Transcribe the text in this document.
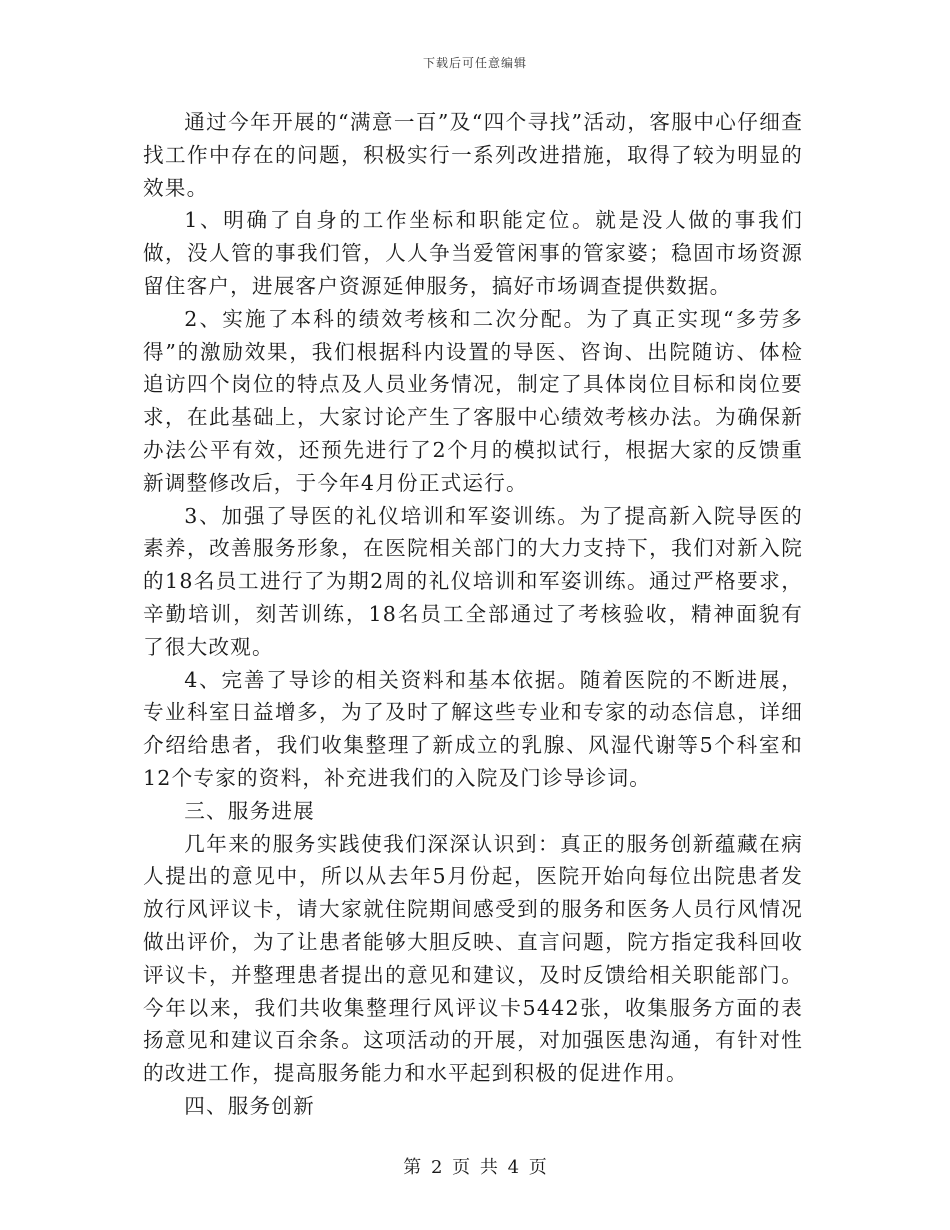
下载后可任意编辑

通过今年开展的“满意一百”及“四个寻找”活动，客服中心仔细查找工作中存在的问题，积极实行一系列改进措施，取得了较为明显的效果。

1、明确了自身的工作坐标和职能定位。就是没人做的事我们做，没人管的事我们管，人人争当爱管闲事的管家婆；稳固市场资源留住客户，进展客户资源延伸服务，搞好市场调查提供数据。

2、实施了本科的绩效考核和二次分配。为了真正实现“多劳多得”的激励效果，我们根据科内设置的导医、咨询、出院随访、体检追访四个岗位的特点及人员业务情况，制定了具体岗位目标和岗位要求，在此基础上，大家讨论产生了客服中心绩效考核办法。为确保新办法公平有效，还预先进行了2个月的模拟试行，根据大家的反馈重新调整修改后，于今年4月份正式运行。

3、加强了导医的礼仪培训和军姿训练。为了提高新入院导医的素养，改善服务形象，在医院相关部门的大力支持下，我们对新入院的18名员工进行了为期2周的礼仪培训和军姿训练。通过严格要求，辛勤培训，刻苦训练，18名员工全部通过了考核验收，精神面貌有了很大改观。

4、完善了导诊的相关资料和基本依据。随着医院的不断进展，专业科室日益增多，为了及时了解这些专业和专家的动态信息，详细介绍给患者，我们收集整理了新成立的乳腺、风湿代谢等5个科室和12个专家的资料，补充进我们的入院及门诊导诊词。

三、服务进展

几年来的服务实践使我们深深认识到：真正的服务创新蕴藏在病人提出的意见中，所以从去年5月份起，医院开始向每位出院患者发放行风评议卡，请大家就住院期间感受到的服务和医务人员行风情况做出评价，为了让患者能够大胆反映、直言问题，院方指定我科回收评议卡，并整理患者提出的意见和建议，及时反馈给相关职能部门。今年以来，我们共收集整理行风评议卡5442张，收集服务方面的表扬意见和建议百余条。这项活动的开展，对加强医患沟通，有针对性的改进工作，提高服务能力和水平起到积极的促进作用。

四、服务创新

第 2 页 共 4 页
